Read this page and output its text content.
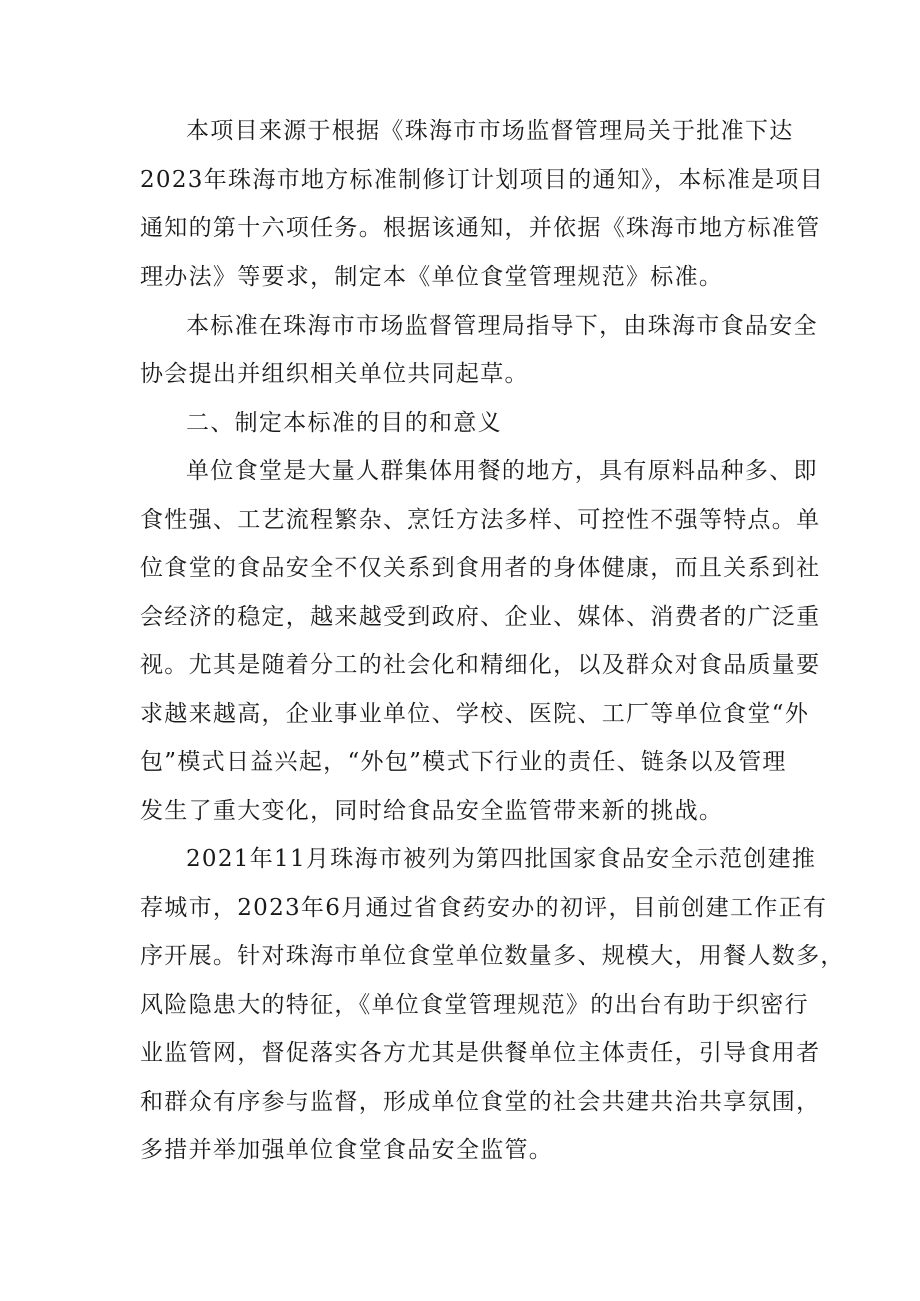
本项目来源于根据《珠海市市场监督管理局关于批准下达
2023年珠海市地方标准制修订计划项目的通知》，本标准是项目
通知的第十六项任务。根据该通知，并依据《珠海市地方标准管
理办法》等要求，制定本《单位食堂管理规范》标准。
本标准在珠海市市场监督管理局指导下，由珠海市食品安全
协会提出并组织相关单位共同起草。
二、制定本标准的目的和意义
单位食堂是大量人群集体用餐的地方，具有原料品种多、即
食性强、工艺流程繁杂、烹饪方法多样、可控性不强等特点。单
位食堂的食品安全不仅关系到食用者的身体健康，而且关系到社
会经济的稳定，越来越受到政府、企业、媒体、消费者的广泛重
视。尤其是随着分工的社会化和精细化，以及群众对食品质量要
求越来越高，企业事业单位、学校、医院、工厂等单位食堂“外
包”模式日益兴起，“外包”模式下行业的责任、链条以及管理
发生了重大变化，同时给食品安全监管带来新的挑战。
2021年11月珠海市被列为第四批国家食品安全示范创建推
荐城市，2023年6月通过省食药安办的初评，目前创建工作正有
序开展。针对珠海市单位食堂单位数量多、规模大，用餐人数多，
风险隐患大的特征，《单位食堂管理规范》的出台有助于织密行
业监管网，督促落实各方尤其是供餐单位主体责任，引导食用者
和群众有序参与监督，形成单位食堂的社会共建共治共享氛围，
多措并举加强单位食堂食品安全监管。
